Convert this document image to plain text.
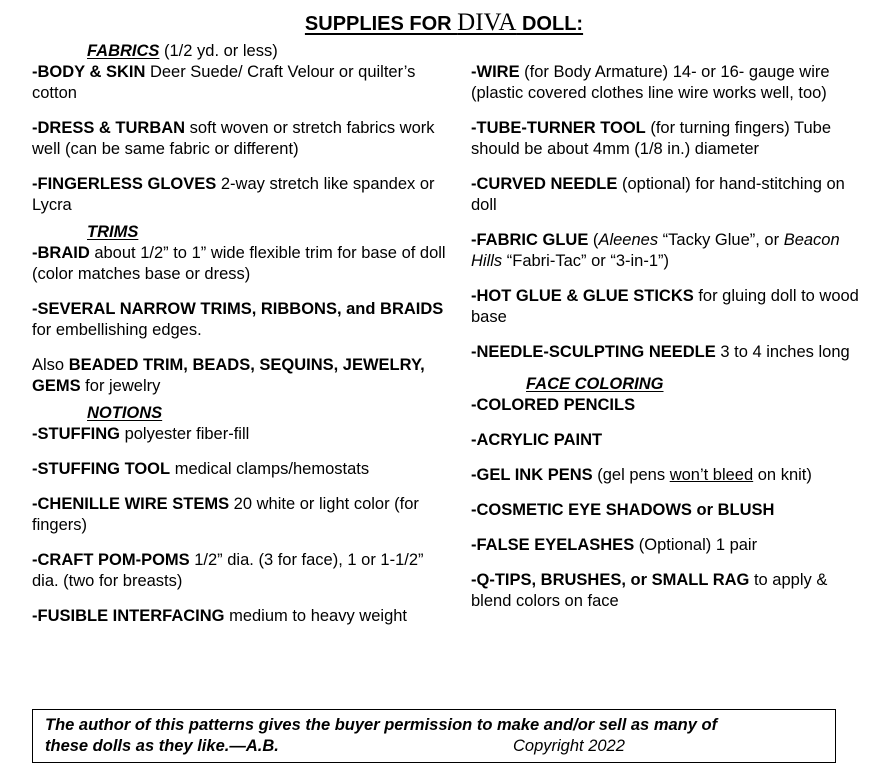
SUPPLIES FOR DIVA DOLL:
FABRICS (1/2 yd. or less)
-BODY & SKIN Deer Suede/ Craft Velour or quilter’s cotton
-DRESS & TURBAN soft woven or stretch fabrics work well (can be same fabric or different)
-FINGERLESS GLOVES 2-way stretch like spandex or Lycra
TRIMS
-BRAID about 1/2” to 1” wide flexible trim for base of doll (color matches base or dress)
-SEVERAL NARROW TRIMS, RIBBONS, and BRAIDS for embellishing edges.
Also BEADED TRIM, BEADS, SEQUINS, JEWELRY, GEMS for jewelry
NOTIONS
-STUFFING polyester fiber-fill
-STUFFING TOOL medical clamps/hemostats
-CHENILLE WIRE STEMS 20 white or light color (for fingers)
-CRAFT POM-POMS 1/2” dia. (3 for face), 1 or 1-1/2” dia. (two for breasts)
-FUSIBLE INTERFACING medium to heavy weight
-WIRE (for Body Armature) 14- or 16- gauge wire (plastic covered clothes line wire works well, too)
-TUBE-TURNER TOOL (for turning fingers) Tube should be about 4mm (1/8 in.) diameter
-CURVED NEEDLE (optional) for hand-stitching on doll
-FABRIC GLUE (Aleenes “Tacky Glue”, or Beacon Hills “Fabri-Tac” or “3-in-1”)
-HOT GLUE & GLUE STICKS for gluing doll to wood base
-NEEDLE-SCULPTING NEEDLE 3 to 4 inches long
FACE COLORING
-COLORED PENCILS
-ACRYLIC PAINT
-GEL INK PENS (gel pens won’t bleed on knit)
-COSMETIC EYE SHADOWS or BLUSH
-FALSE EYELASHES (Optional) 1 pair
-Q-TIPS, BRUSHES, or SMALL RAG to apply & blend colors on face
The author of this patterns gives the buyer permission to make and/or sell as many of
these dolls as they like.—A.B.	Copyright 2022
